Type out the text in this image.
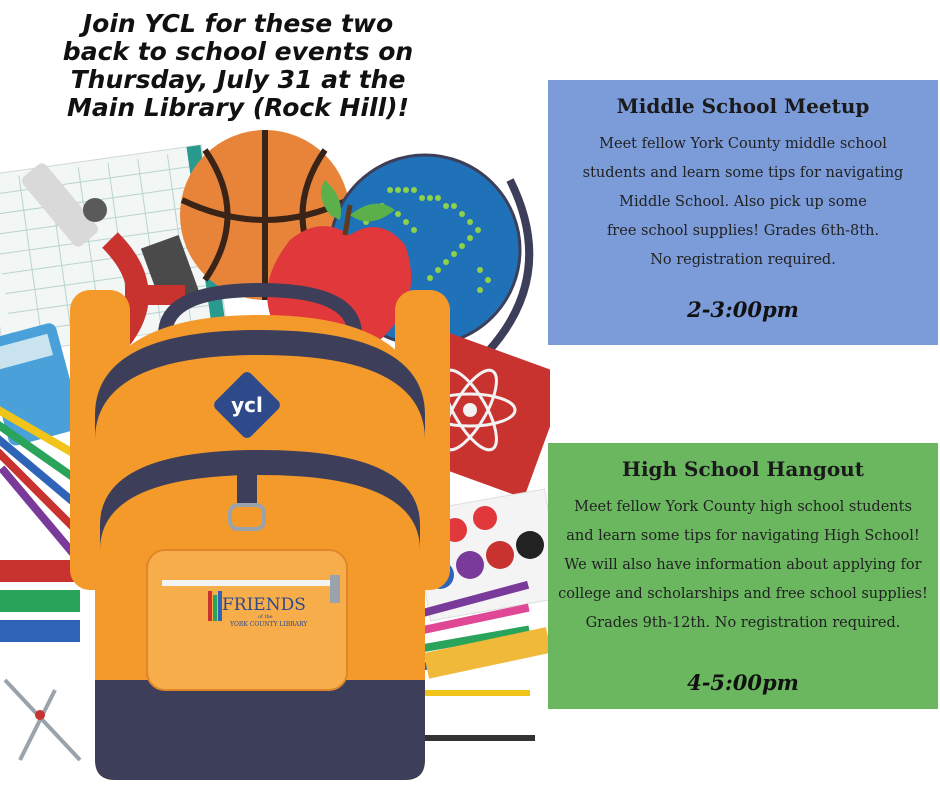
Join YCL for these two
back to school events on
Thursday, July 31 at the
Main Library (Rock Hill)!
ycl
FRIENDS
of the
YORK COUNTY LIBRARY
Middle School Meetup
Meet fellow York County middle school
students and learn some tips for navigating
Middle School. Also pick up some
free school supplies! Grades 6th-8th.
No registration required.
2-3:00pm
High School Hangout
Meet fellow York County high school students
and learn some tips for navigating High School!
We will also have information about applying for
college and scholarships and free school supplies!
Grades 9th-12th. No registration required.
4-5:00pm
